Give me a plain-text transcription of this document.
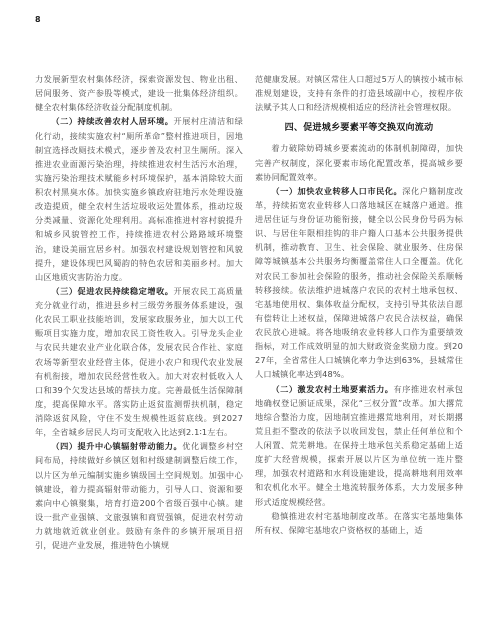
8

力发展新型农村集体经济，探索资源发包、物业出租、居间服务、资产参股等模式，建设一批集体经济组织。健全农村集体经济收益分配制度机制。

（二）持续改善农村人居环境。开展村庄清洁和绿化行动，接续实施农村“厕所革命”整村推进项目，因地制宜选择改厕技术模式，逐步普及农村卫生厕所。深入推进农业面源污染治理，持续推进农村生活污水治理，实施污染治理技术赋能乡村环境保护，基本消除较大面积农村黑臭水体。加快实施乡镇政府驻地污水处理设施改造提质，健全农村生活垃圾收运处置体系，推动垃圾分类减量、资源化处理利用。高标准推进村容村貌提升和城乡风貌管控工作，持续推进农村公路路域环境整治，建设美丽宜居乡村。加强农村建设规划管控和风貌提升，建设体现巴风蜀韵的特色农居和美丽乡村。加大山区地质灾害防治力度。

（三）促进农民持续稳定增收。开展农民工高质量充分就业行动，推进县乡村三级劳务服务体系建设，强化农民工职业技能培训，发展家政服务业，加大以工代赈项目实施力度，增加农民工资性收入。引导龙头企业与农民共建农业产业化联合体，发展农民合作社、家庭农场等新型农业经营主体，促进小农户和现代农业发展有机衔接，增加农民经营性收入。加大对农村低收入人口和39个欠发达县域的帮扶力度。完善最低生活保障制度，提高保障水平。落实防止返贫监测帮扶机制，稳定消除返贫风险，守住不发生规模性返贫底线。到2027年，全省城乡居民人均可支配收入比达到2.1∶1左右。

（四）提升中心镇辐射带动能力。优化调整乡村空间布局，持续做好乡镇区划和村级建制调整后续工作，以片区为单元编制实施乡镇级国土空间规划。加强中心镇建设，着力提高辐射带动能力，引导人口、资源和要素向中心镇聚集，培育打造200个省级百强中心镇。建设一批产业强镇、文旅强镇和商贸强镇，促进农村劳动力就地就近就业创业。鼓励有条件的乡镇开展项目招引，促进产业发展，推进特色小镇规

范健康发展。对镇区常住人口超过5万人的镇按小城市标准规划建设，支持有条件的打造县域副中心，按程序依法赋予其人口和经济规模相适应的经济社会管理权限。

四、促进城乡要素平等交换双向流动

着力破除妨碍城乡要素流动的体制机制障碍，加快完善产权制度，深化要素市场化配置改革，提高城乡要素协同配置效率。

（一）加快农业转移人口市民化。深化户籍制度改革，持续拓宽农业转移人口落地城区在城落户通道。推进居住证与身份证功能衔接，健全以公民身份号码为标识、与居住年限相挂钩的非户籍人口基本公共服务提供机制，推动教育、卫生、社会保险、就业服务、住房保障等城镇基本公共服务均衡覆盖常住人口全覆盖。优化对农民工参加社会保险的服务，推动社会保险关系顺畅转移接续。依法维护进城落户农民的农村土地承包权、宅基地使用权、集体收益分配权，支持引导其依法自愿有偿转让上述权益，保障进城落户农民合法权益，确保农民放心进城。将各地吸纳农业转移人口作为重要绩效指标，对工作成效明显的加大财政资金奖励力度。到2027年，全省常住人口城镇化率力争达到63%，县城常住人口城镇化率达到48%。

（二）激发农村土地要素活力。有序推进农村承包地确权登记颁证成果，深化“三权分置”改革。加大撂荒地综合整治力度，因地制宜推进撂荒地利用，对长期撂荒且拒不整改的依法予以收回发包，禁止任何单位和个人闲置、荒芜耕地。在保持土地承包关系稳定基础上适度扩大经营规模，探索开展以片区为单位统一连片整理，加强农村道路和水利设施建设，提高耕地利用效率和农机化水平。健全土地流转服务体系，大力发展多种形式适度规模经营。

稳慎推进农村宅基地制度改革。在落实宅基地集体所有权、保障宅基地农户资格权的基础上，适
